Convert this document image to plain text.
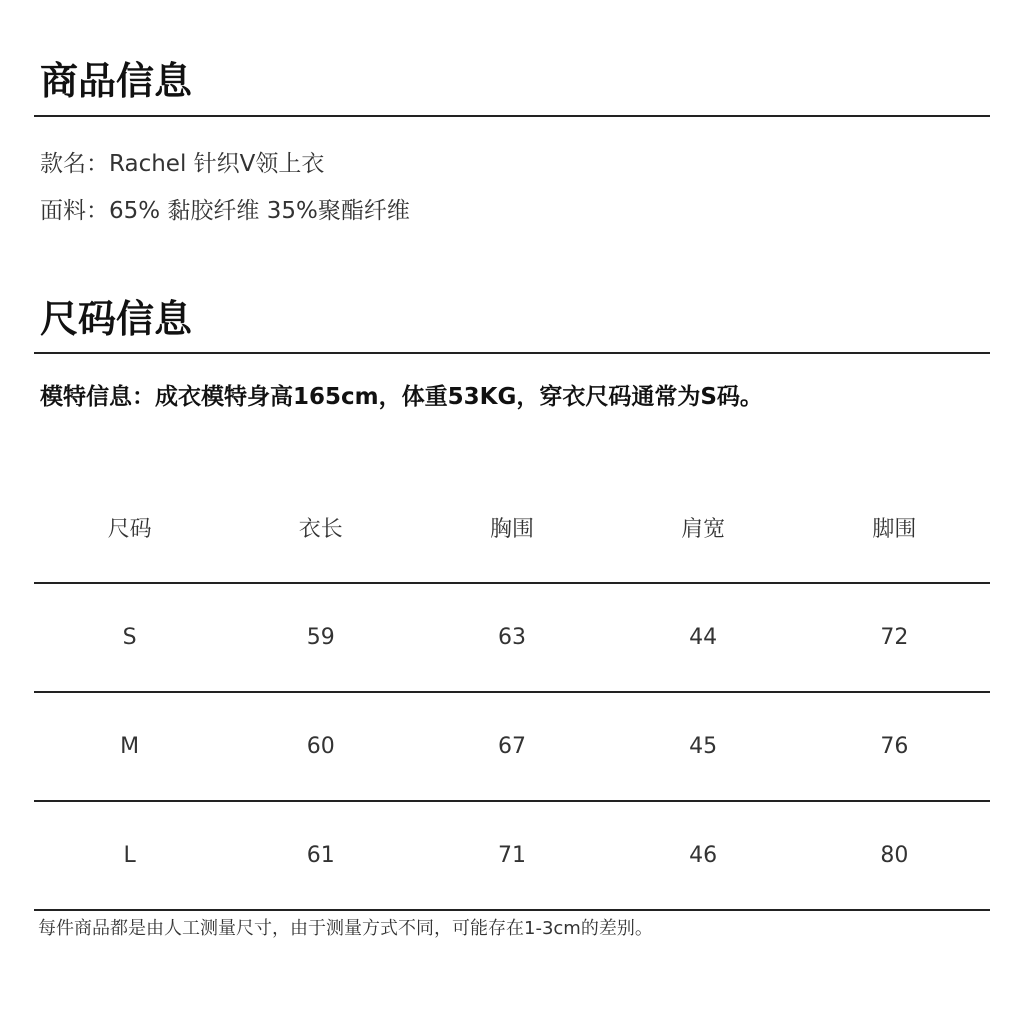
商品信息
款名：Rachel 针织V领上衣
面料：65% 黏胶纤维 35%聚酯纤维
尺码信息
模特信息：成衣模特身高165cm，体重53KG，穿衣尺码通常为S码。
尺码	衣长	胸围	肩宽	脚围
S	59	63	44	72
M	60	67	45	76
L	61	71	46	80
每件商品都是由人工测量尺寸，由于测量方式不同，可能存在1-3cm的差别。
